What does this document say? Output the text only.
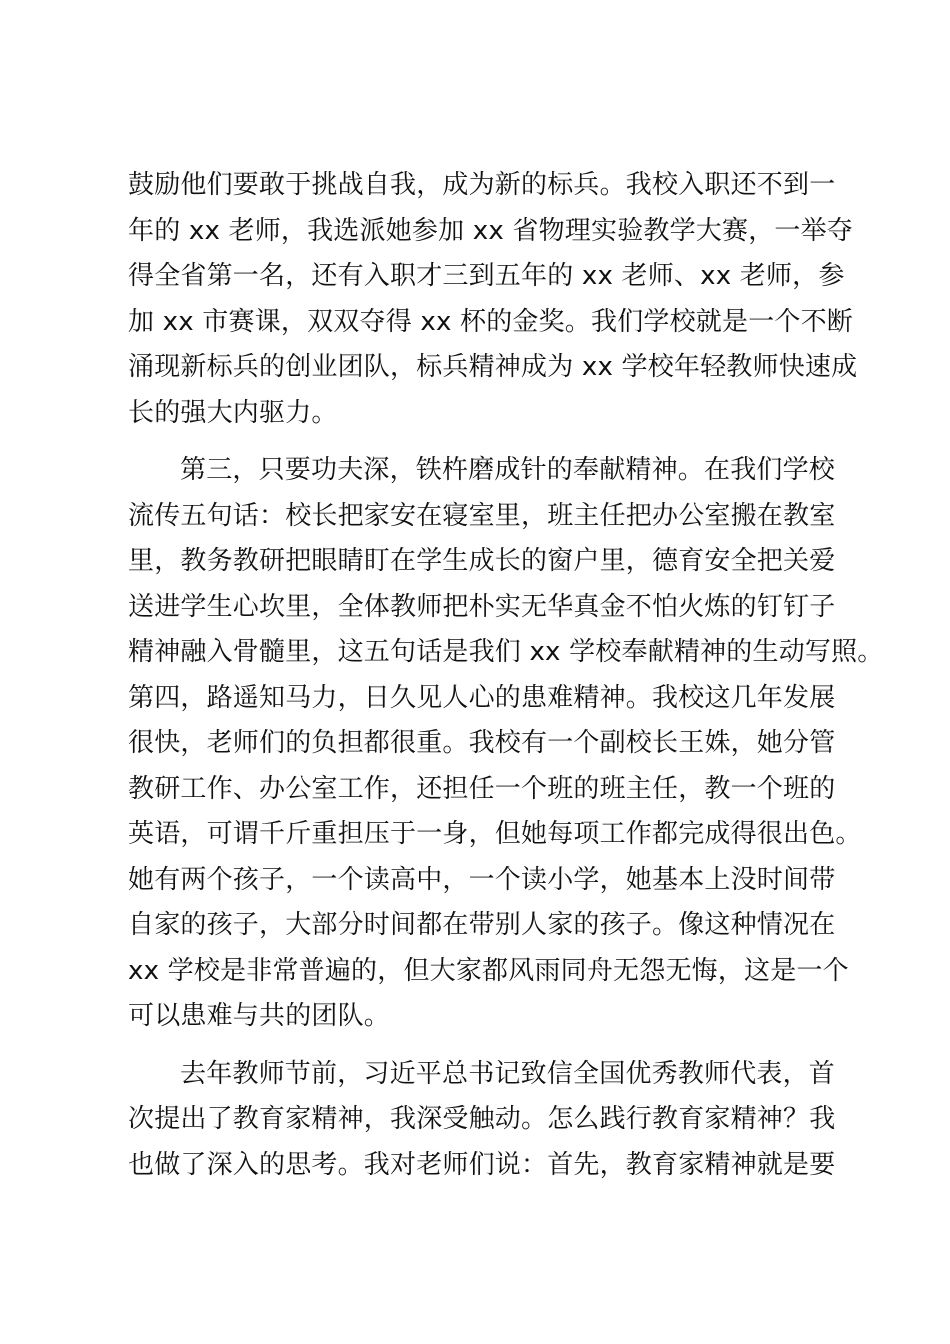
鼓励他们要敢于挑战自我，成为新的标兵。我校入职还不到一
年的 xx 老师，我选派她参加 xx 省物理实验教学大赛，一举夺
得全省第一名，还有入职才三到五年的 xx 老师、xx 老师，参
加 xx 市赛课，双双夺得 xx 杯的金奖。我们学校就是一个不断
涌现新标兵的创业团队，标兵精神成为 xx 学校年轻教师快速成
长的强大内驱力。
第三，只要功夫深，铁杵磨成针的奉献精神。在我们学校
流传五句话：校长把家安在寝室里，班主任把办公室搬在教室
里，教务教研把眼睛盯在学生成长的窗户里，德育安全把关爱
送进学生心坎里，全体教师把朴实无华真金不怕火炼的钉钉子
精神融入骨髓里，这五句话是我们 xx 学校奉献精神的生动写照。
第四，路遥知马力，日久见人心的患难精神。我校这几年发展
很快，老师们的负担都很重。我校有一个副校长王姝，她分管
教研工作、办公室工作，还担任一个班的班主任，教一个班的
英语，可谓千斤重担压于一身，但她每项工作都完成得很出色。
她有两个孩子，一个读高中，一个读小学，她基本上没时间带
自家的孩子，大部分时间都在带别人家的孩子。像这种情况在
xx 学校是非常普遍的，但大家都风雨同舟无怨无悔，这是一个
可以患难与共的团队。
去年教师节前，习近平总书记致信全国优秀教师代表，首
次提出了教育家精神，我深受触动。怎么践行教育家精神？我
也做了深入的思考。我对老师们说：首先，教育家精神就是要
